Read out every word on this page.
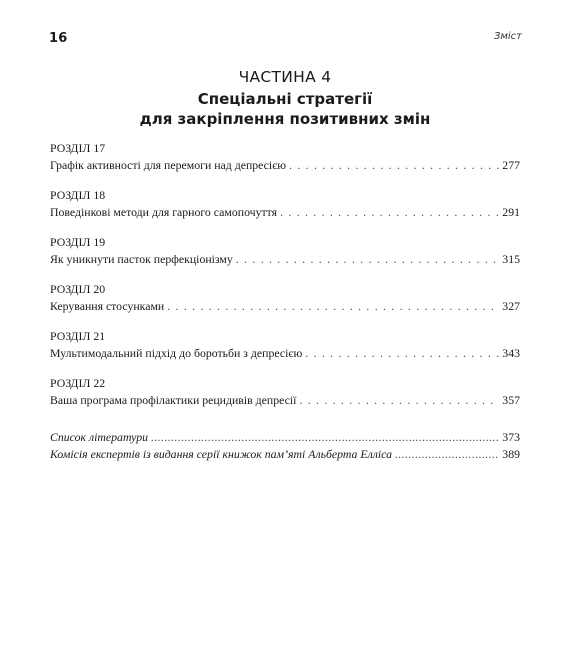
16	Зміст
ЧАСТИНА 4
Спеціальні стратегії
для закріплення позитивних змін
РОЗДІЛ 17
Графік активності для перемоги над депресією . . .	277
РОЗДІЛ 18
Поведінкові методи для гарного самопочуття . . .	291
РОЗДІЛ 19
Як уникнути пасток перфекціонізму . . .	315
РОЗДІЛ 20
Керування стосунками . . .	327
РОЗДІЛ 21
Мультимодальний підхід до боротьби з депресією . . .	343
РОЗДІЛ 22
Ваша програма профілактики рецидивів депресії . . .	357
Список літератури .....	373
Комісія експертів із видання серії книжок пам’яті Альберта Елліса .....	389
